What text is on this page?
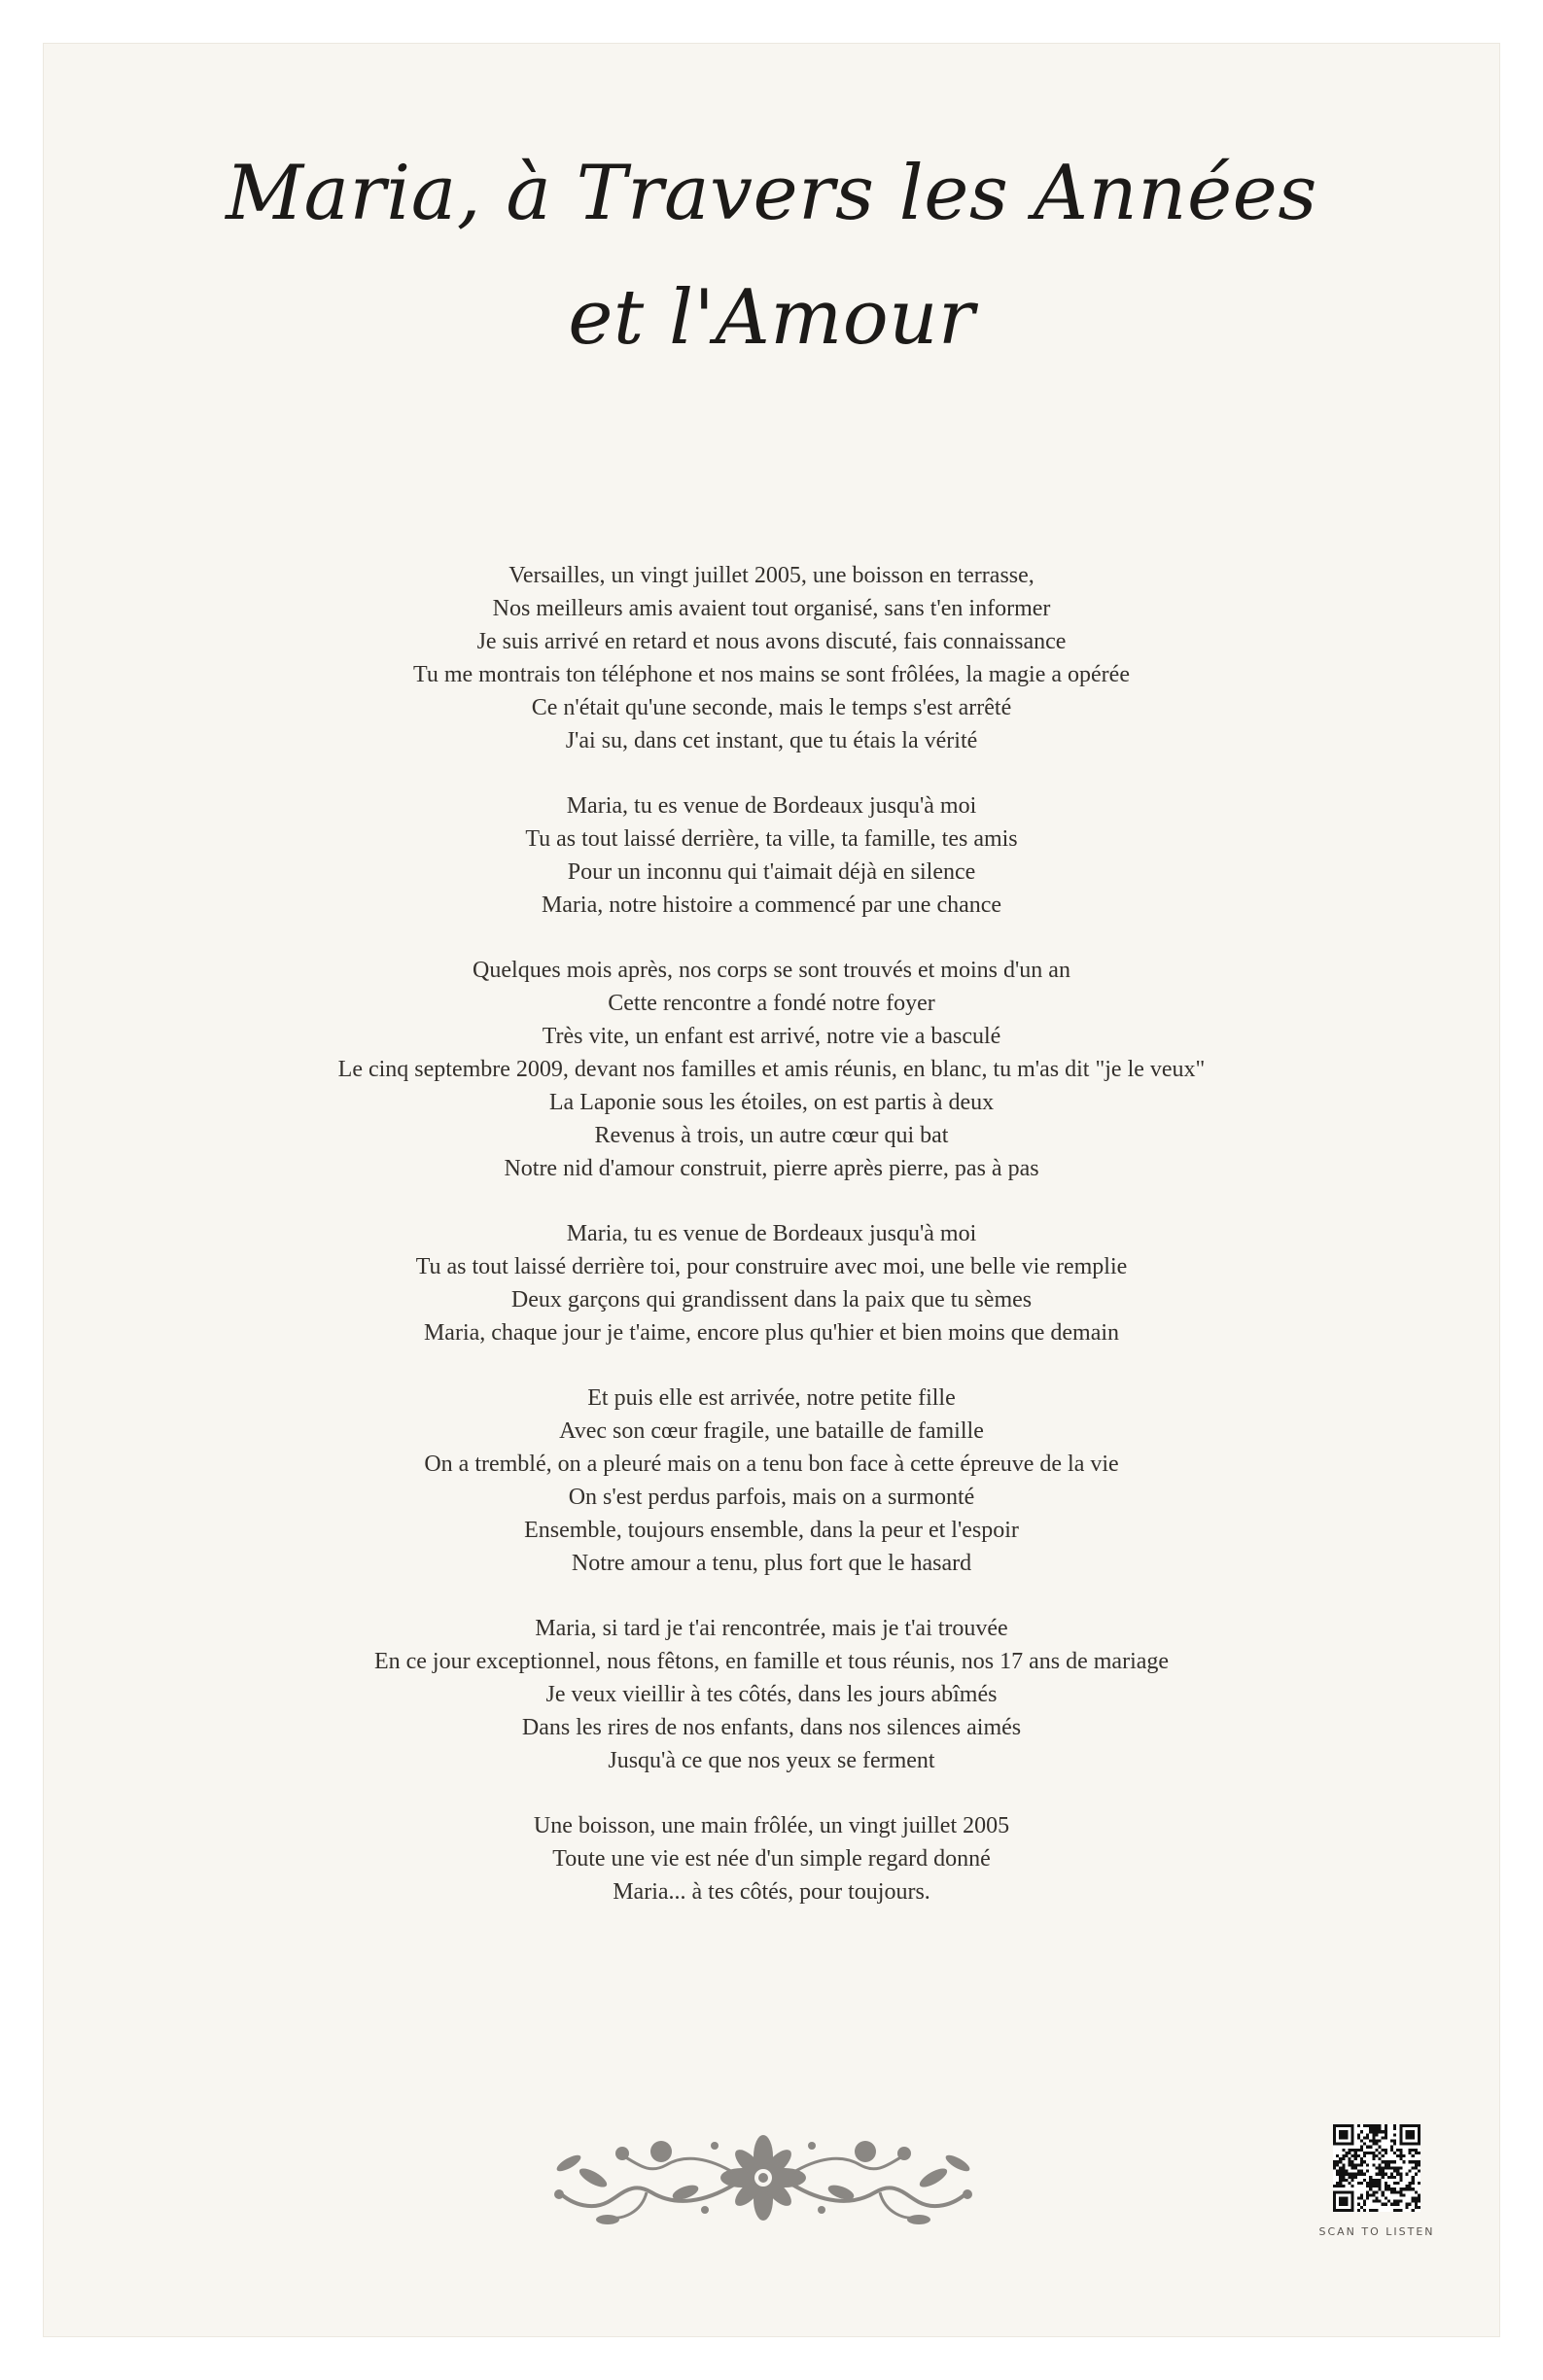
Maria, à Travers les Années et l'Amour

Versailles, un vingt juillet 2005, une boisson en terrasse,
Nos meilleurs amis avaient tout organisé, sans t'en informer
Je suis arrivé en retard et nous avons discuté, fais connaissance
Tu me montrais ton téléphone et nos mains se sont frôlées, la magie a opérée
Ce n'était qu'une seconde, mais le temps s'est arrêté
J'ai su, dans cet instant, que tu étais la vérité

Maria, tu es venue de Bordeaux jusqu'à moi
Tu as tout laissé derrière, ta ville, ta famille, tes amis
Pour un inconnu qui t'aimait déjà en silence
Maria, notre histoire a commencé par une chance

Quelques mois après, nos corps se sont trouvés et moins d'un an
Cette rencontre a fondé notre foyer
Très vite, un enfant est arrivé, notre vie a basculé
Le cinq septembre 2009, devant nos familles et amis réunis, en blanc, tu m'as dit "je le veux"
La Laponie sous les étoiles, on est partis à deux
Revenus à trois, un autre cœur qui bat
Notre nid d'amour construit, pierre après pierre, pas à pas

Maria, tu es venue de Bordeaux jusqu'à moi
Tu as tout laissé derrière toi, pour construire avec moi, une belle vie remplie
Deux garçons qui grandissent dans la paix que tu sèmes
Maria, chaque jour je t'aime, encore plus qu'hier et bien moins que demain

Et puis elle est arrivée, notre petite fille
Avec son cœur fragile, une bataille de famille
On a tremblé, on a pleuré mais on a tenu bon face à cette épreuve de la vie
On s'est perdus parfois, mais on a surmonté
Ensemble, toujours ensemble, dans la peur et l'espoir
Notre amour a tenu, plus fort que le hasard

Maria, si tard je t'ai rencontrée, mais je t'ai trouvée
En ce jour exceptionnel, nous fêtons, en famille et tous réunis, nos 17 ans de mariage
Je veux vieillir à tes côtés, dans les jours abîmés
Dans les rires de nos enfants, dans nos silences aimés
Jusqu'à ce que nos yeux se ferment

Une boisson, une main frôlée, un vingt juillet 2005
Toute une vie est née d'un simple regard donné
Maria... à tes côtés, pour toujours.

SCAN TO LISTEN
